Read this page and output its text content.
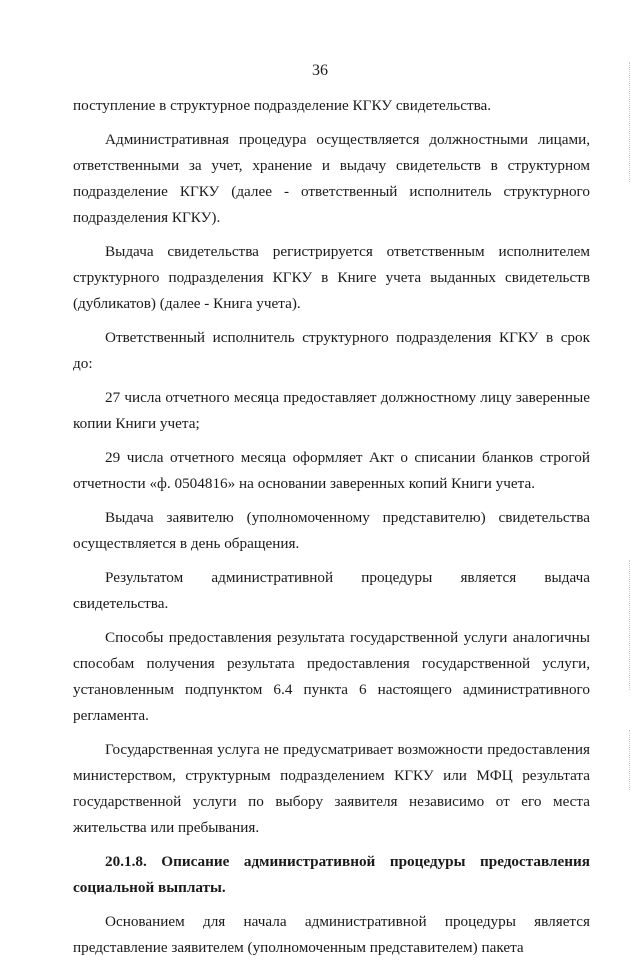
36

поступление в структурное подразделение КГКУ свидетельства.

Административная процедура осуществляется должностными лицами, ответственными за учет, хранение и выдачу свидетельств в структурном подразделение КГКУ (далее - ответственный исполнитель структурного подразделения КГКУ).

Выдача свидетельства регистрируется ответственным исполнителем структурного подразделения КГКУ в Книге учета выданных свидетельств (дубликатов) (далее - Книга учета).

Ответственный исполнитель структурного подразделения КГКУ в срок до:

27 числа отчетного месяца предоставляет должностному лицу заверенные копии Книги учета;

29 числа отчетного месяца оформляет Акт о списании бланков строгой отчетности «ф. 0504816» на основании заверенных копий Книги учета.

Выдача заявителю (уполномоченному представителю) свидетельства осуществляется в день обращения.

Результатом административной процедуры является выдача свидетельства.

Способы предоставления результата государственной услуги аналогичны способам получения результата предоставления государственной услуги, установленным подпунктом 6.4 пункта 6 настоящего административного регламента.

Государственная услуга не предусматривает возможности предоставления министерством, структурным подразделением КГКУ или МФЦ результата государственной услуги по выбору заявителя независимо от его места жительства или пребывания.

20.1.8. Описание административной процедуры предоставления социальной выплаты.

Основанием для начала административной процедуры является представление заявителем (уполномоченным представителем) пакета
